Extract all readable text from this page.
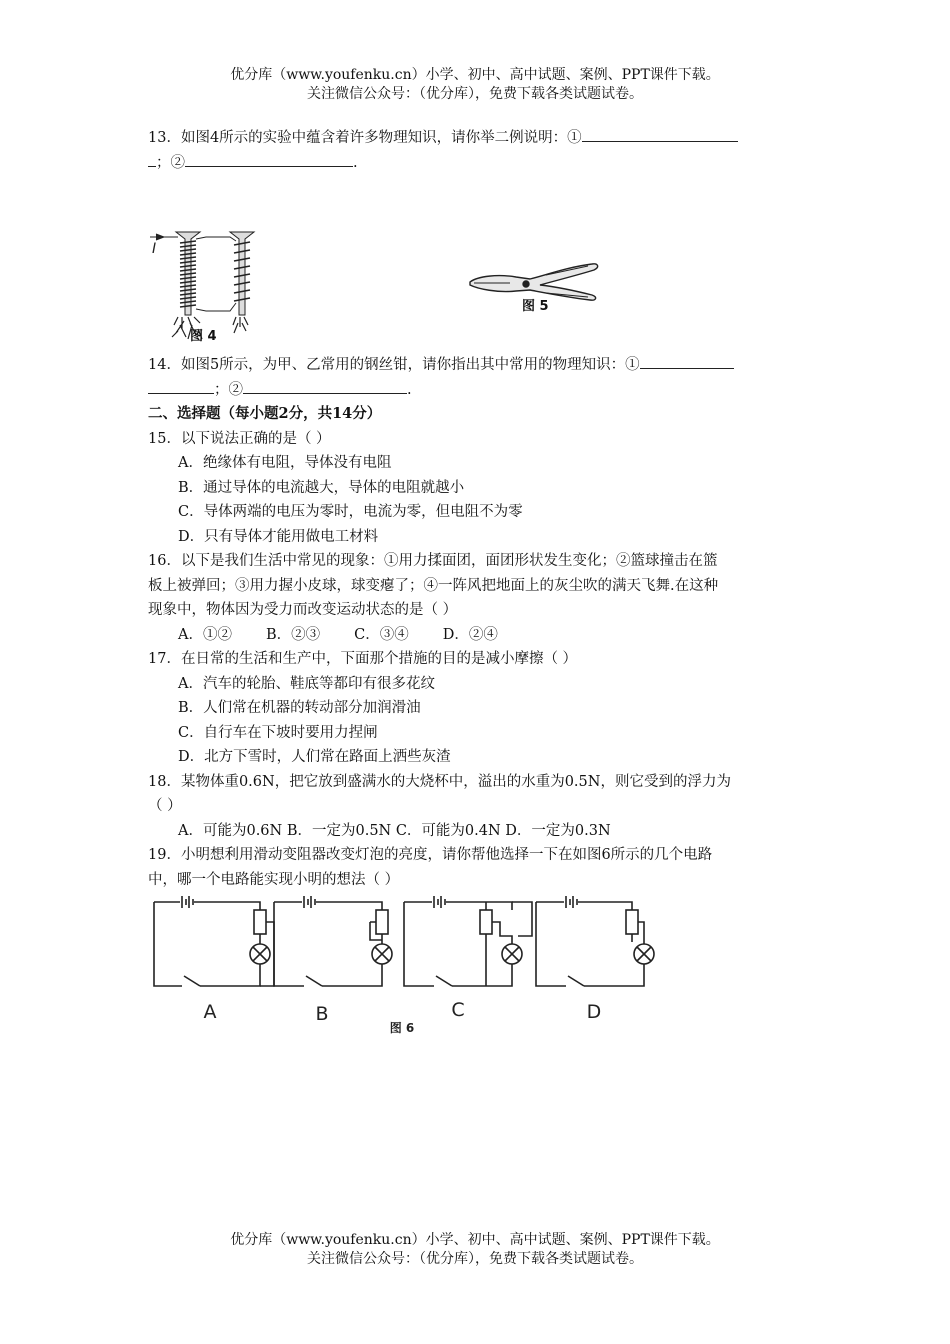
优分库（www.youfenku.cn）小学、初中、高中试题、案例、PPT课件下载。
关注微信公众号：（优分库），免费下载各类试题试卷。
13．如图4所示的实验中蕴含着许多物理知识，请你举二例说明：①
；②	.
I
图 4
图 5
14．如图5所示，为甲、乙常用的钢丝钳，请你指出其中常用的物理知识：①
；②	.
二、选择题（每小题2分，共14分）
15．以下说法正确的是（ ）
A．绝缘体有电阻，导体没有电阻
B．通过导体的电流越大，导体的电阻就越小
C．导体两端的电压为零时，电流为零，但电阻不为零
D．只有导体才能用做电工材料
16．以下是我们生活中常见的现象：①用力揉面团，面团形状发生变化；②篮球撞击在篮
板上被弹回；③用力握小皮球，球变瘪了；④一阵风把地面上的灰尘吹的满天飞舞.在这种
现象中，物体因为受力而改变运动状态的是（ ）
A．①② B．②③ C．③④ D．②④
17．在日常的生活和生产中，下面那个措施的目的是减小摩擦（ ）
A．汽车的轮胎、鞋底等都印有很多花纹
B．人们常在机器的转动部分加润滑油
C．自行车在下坡时要用力捏闸
D．北方下雪时，人们常在路面上洒些灰渣
18．某物体重0.6N，把它放到盛满水的大烧杯中，溢出的水重为0.5N，则它受到的浮力为
（ ）
A．可能为0.6N B．一定为0.5N C．可能为0.4N D．一定为0.3N
19．小明想利用滑动变阻器改变灯泡的亮度，请你帮他选择一下在如图6所示的几个电路
中，哪一个电路能实现小明的想法（ ）
A	B	C	D
图 6
优分库（www.youfenku.cn）小学、初中、高中试题、案例、PPT课件下载。
关注微信公众号：（优分库），免费下载各类试题试卷。
